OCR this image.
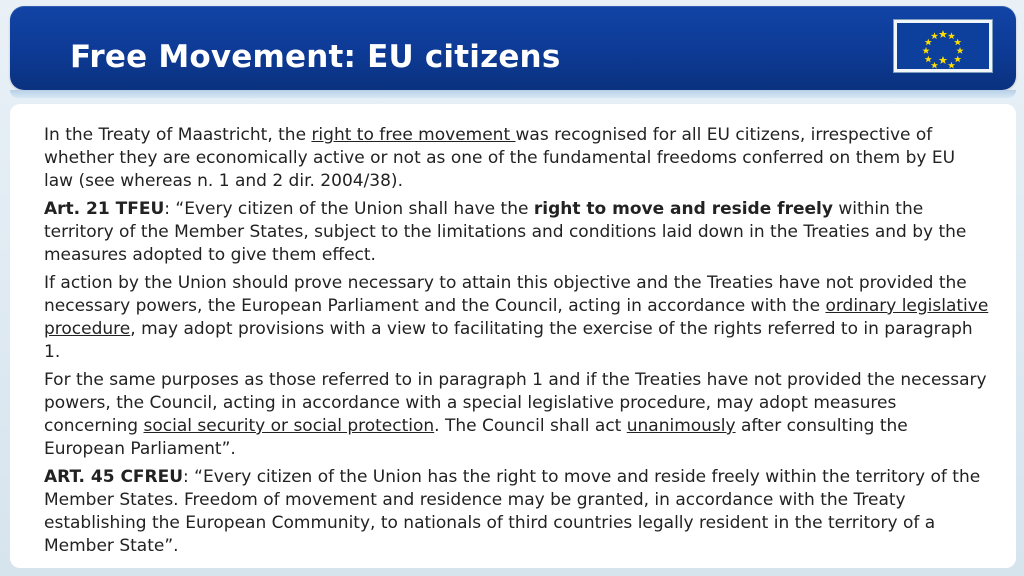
Free Movement: EU citizens

In the Treaty of Maastricht, the right to free movement was recognised for all EU citizens, irrespective of whether they are economically active or not as one of the fundamental freedoms conferred on them by EU law (see whereas n. 1 and 2 dir. 2004/38).

Art. 21 TFEU: “Every citizen of the Union shall have the right to move and reside freely within the territory of the Member States, subject to the limitations and conditions laid down in the Treaties and by the measures adopted to give them effect.

If action by the Union should prove necessary to attain this objective and the Treaties have not provided the necessary powers, the European Parliament and the Council, acting in accordance with the ordinary legislative procedure, may adopt provisions with a view to facilitating the exercise of the rights referred to in paragraph 1.

For the same purposes as those referred to in paragraph 1 and if the Treaties have not provided the necessary powers, the Council, acting in accordance with a special legislative procedure, may adopt measures concerning social security or social protection. The Council shall act unanimously after consulting the European Parliament”.

ART. 45 CFREU: “Every citizen of the Union has the right to move and reside freely within the territory of the Member States. Freedom of movement and residence may be granted, in accordance with the Treaty establishing the European Community, to nationals of third countries legally resident in the territory of a Member State”.
